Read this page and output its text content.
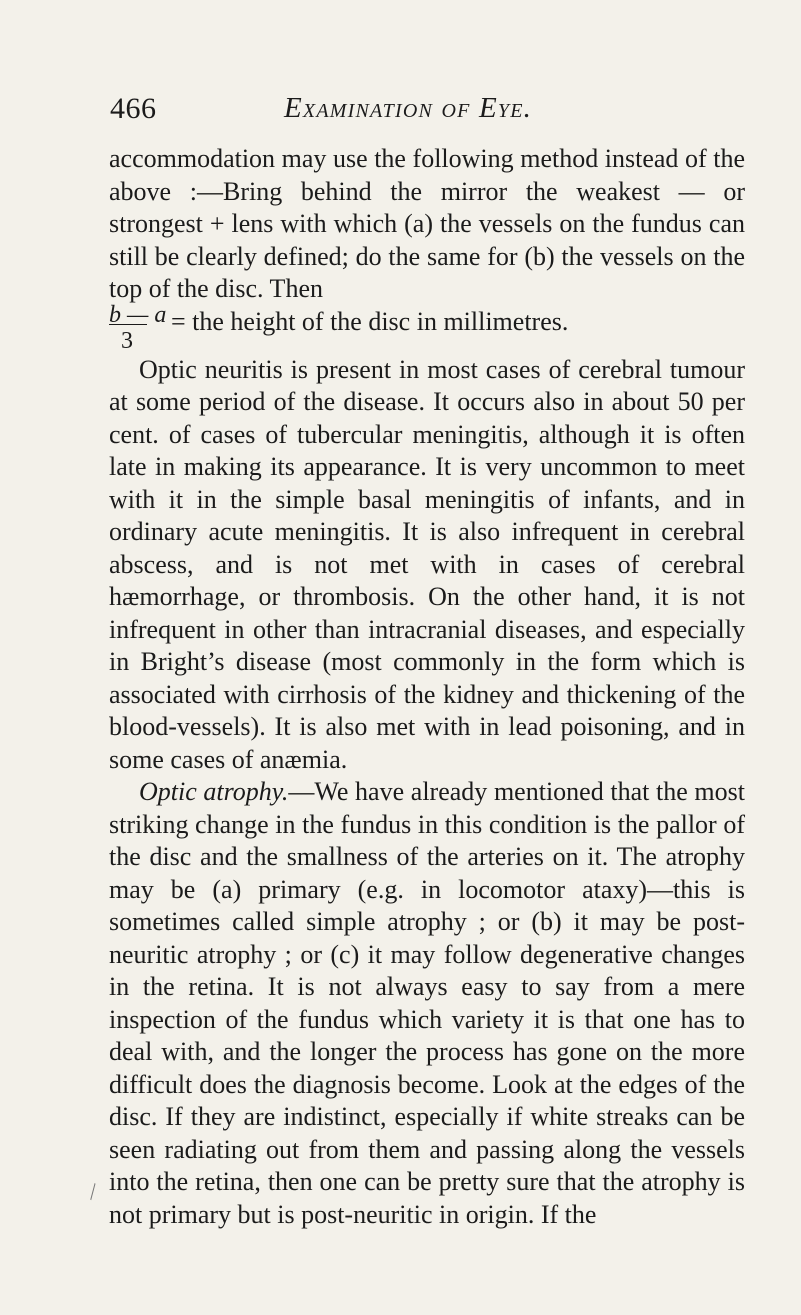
466	Examination of Eye.

accommodation may use the following method instead of the above :—Bring behind the mirror the weakest — or strongest + lens with which (a) the vessels on the fundus can still be clearly defined; do the same for (b) the vessels on the top of the disc. Then

b — a
3
= the height of the disc in millimetres.

Optic neuritis is present in most cases of cerebral tumour at some period of the disease. It occurs also in about 50 per cent. of cases of tubercular meningitis, although it is often late in making its appearance. It is very uncommon to meet with it in the simple basal meningitis of infants, and in ordinary acute meningitis. It is also infrequent in cerebral abscess, and is not met with in cases of cerebral hæmorrhage, or thrombosis. On the other hand, it is not infrequent in other than intracranial diseases, and especially in Bright’s disease (most commonly in the form which is associated with cirrhosis of the kidney and thickening of the blood-vessels). It is also met with in lead poisoning, and in some cases of anæmia.

Optic atrophy.—We have already mentioned that the most striking change in the fundus in this condition is the pallor of the disc and the smallness of the arteries on it. The atrophy may be (a) primary (e.g. in locomotor ataxy)—this is sometimes called simple atrophy ; or (b) it may be post-neuritic atrophy ; or (c) it may follow degenerative changes in the retina. It is not always easy to say from a mere inspection of the fundus which variety it is that one has to deal with, and the longer the process has gone on the more difficult does the diagnosis become. Look at the edges of the disc. If they are indistinct, especially if white streaks can be seen radiating out from them and passing along the vessels into the retina, then one can be pretty sure that the atrophy is not primary but is post-neuritic in origin. If the

╲
